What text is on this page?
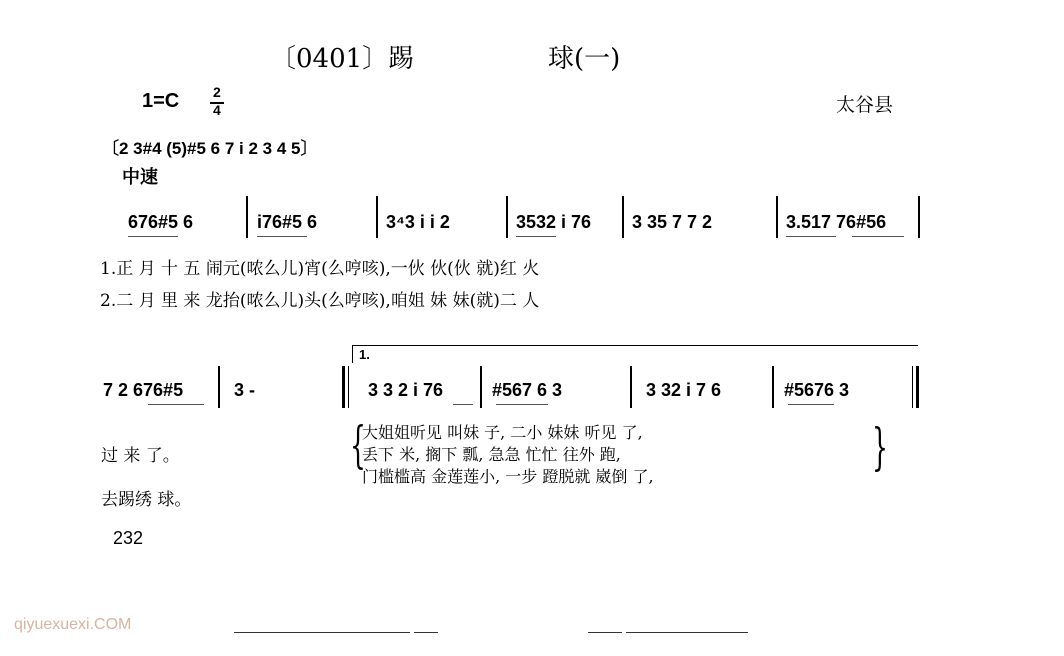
〔0401〕 踢	球(一)
1=C 2
4	太谷县
〔2 3#4 (5)#5 6 7 i 2 3 4 5〕
中速
676#5 6	i76#5 6	3⁴3 i i 2	3532 i 76 3 35 7 7 2	3.517 76#56
1.正 月 十 五 闹元(哝么儿)宵(么哼咳),一伙 伙(伙 就)红 火
2.二 月 里 来 龙抬(哝么儿)头(么哼咳),咱姐 妹 妹(就)二 人
1.
7 2 676#5	3 -	3 3 2 i 76	#567 6 3	3 32 i 7 6	#5676 3
过 来 了。
去踢绣 球。
{
大姐姐听见 叫妹 子, 二小 妹妹 听见 了,
丢下 米, 搁下 瓢, 急急 忙忙 往外 跑,
门槛槛高 金莲莲小, 一步 蹬脱就 崴倒 了,
}
232
qiyuexuexi.COM
